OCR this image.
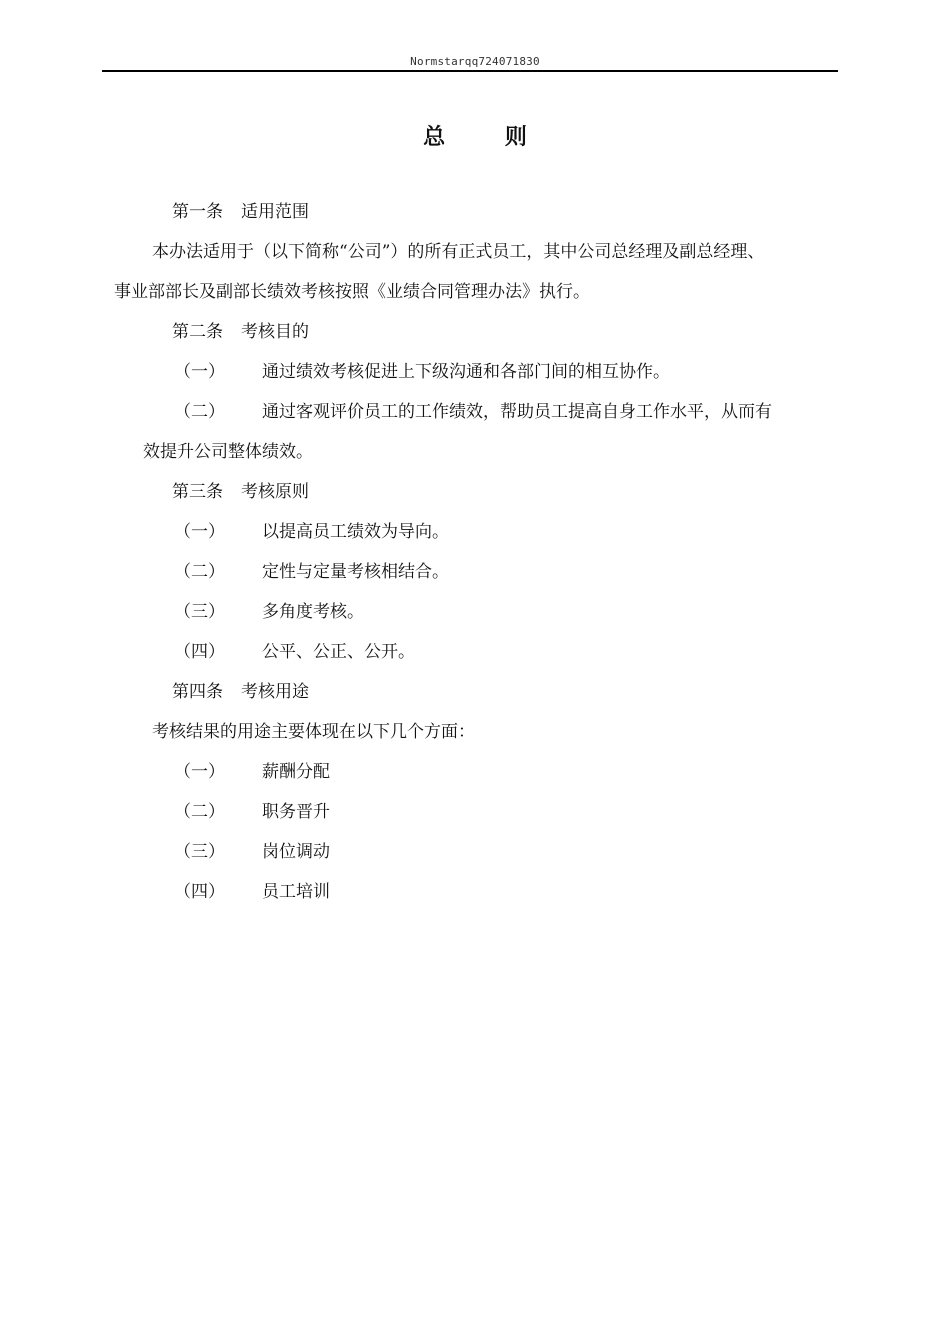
Normstarqq724071830
总 则
第一条 适用范围
本办法适用于（以下简称“公司”）的所有正式员工，其中公司总经理及副总经理、
事业部部长及副部长绩效考核按照《业绩合同管理办法》执行。
第二条 考核目的
（一） 通过绩效考核促进上下级沟通和各部门间的相互协作。
（二） 通过客观评价员工的工作绩效，帮助员工提高自身工作水平，从而有
效提升公司整体绩效。
第三条 考核原则
（一） 以提高员工绩效为导向。
（二） 定性与定量考核相结合。
（三） 多角度考核。
（四） 公平、公正、公开。
第四条 考核用途
考核结果的用途主要体现在以下几个方面：
（一） 薪酬分配
（二） 职务晋升
（三） 岗位调动
（四） 员工培训
